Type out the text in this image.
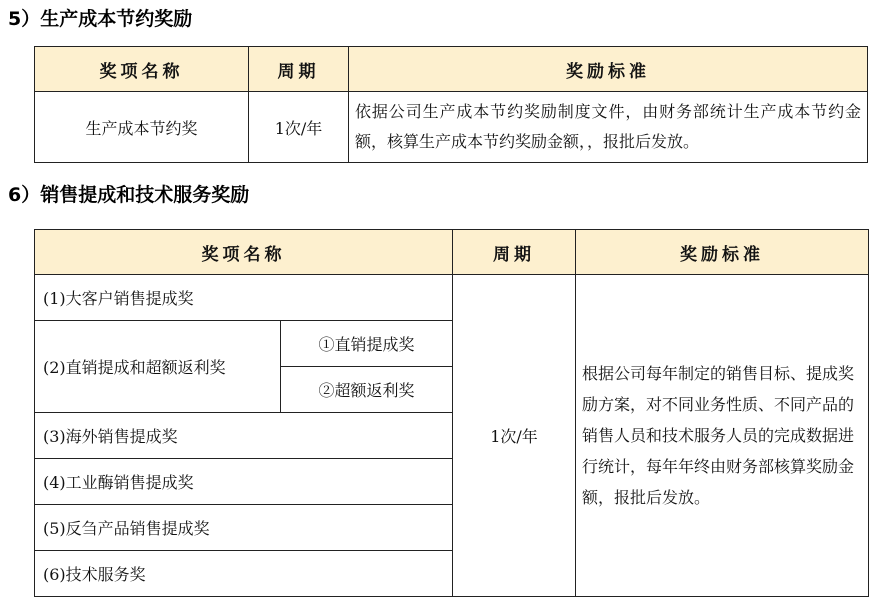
5）生产成本节约奖励
奖项名称	周期	奖励标准
生产成本节约奖	1次/年	依据公司生产成本节约奖励制度文件，由财务部统计生产成本节约金额，核算生产成本节约奖励金额，，报批后发放。
6）销售提成和技术服务奖励
奖项名称		周期	奖励标准
(1)大客户销售提成奖		1次/年	根据公司每年制定的销售目标、提成奖励方案，对不同业务性质、不同产品的销售人员和技术服务人员的完成数据进行统计，每年年终由财务部核算奖励金额，报批后发放。
(2)直销提成和超额返利奖	①直销提成奖		
	②超额返利奖		
(3)海外销售提成奖			
(4)工业酶销售提成奖			
(5)反刍产品销售提成奖			
(6)技术服务奖			
